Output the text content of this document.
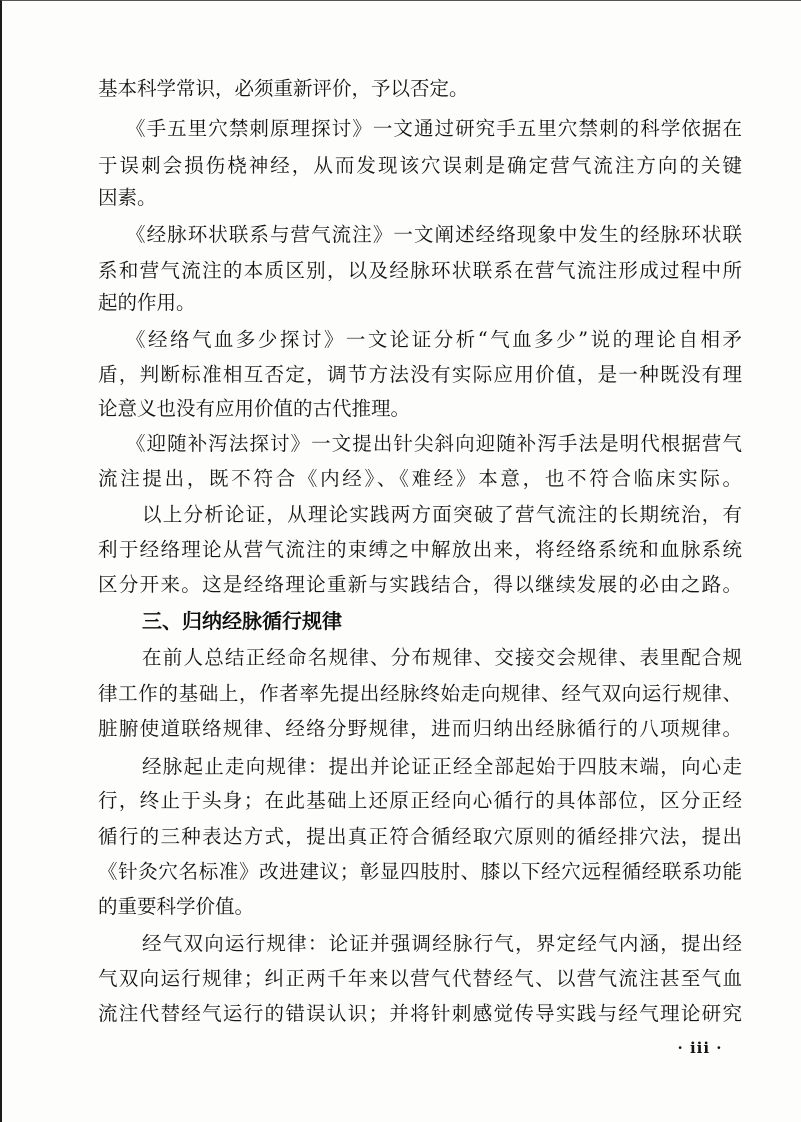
基本科学常识，必须重新评价，予以否定。
《手五里穴禁刺原理探讨》一文通过研究手五里穴禁刺的科学依据在
于误刺会损伤桡神经，从而发现该穴误刺是确定营气流注方向的关键
因素。
《经脉环状联系与营气流注》一文阐述经络现象中发生的经脉环状联
系和营气流注的本质区别，以及经脉环状联系在营气流注形成过程中所
起的作用。
《经络气血多少探讨》一文论证分析“气血多少”说的理论自相矛
盾，判断标准相互否定，调节方法没有实际应用价值，是一种既没有理
论意义也没有应用价值的古代推理。
《迎随补泻法探讨》一文提出针尖斜向迎随补泻手法是明代根据营气
流注提出，既不符合《内经》、《难经》本意，也不符合临床实际。
以上分析论证，从理论实践两方面突破了营气流注的长期统治，有
利于经络理论从营气流注的束缚之中解放出来，将经络系统和血脉系统
区分开来。这是经络理论重新与实践结合，得以继续发展的必由之路。
三、归纳经脉循行规律
在前人总结正经命名规律、分布规律、交接交会规律、表里配合规
律工作的基础上，作者率先提出经脉终始走向规律、经气双向运行规律、
脏腑使道联络规律、经络分野规律，进而归纳出经脉循行的八项规律。
经脉起止走向规律：提出并论证正经全部起始于四肢末端，向心走
行，终止于头身；在此基础上还原正经向心循行的具体部位，区分正经
循行的三种表达方式，提出真正符合循经取穴原则的循经排穴法，提出
《针灸穴名标准》改进建议；彰显四肢肘、膝以下经穴远程循经联系功能
的重要科学价值。
经气双向运行规律：论证并强调经脉行气，界定经气内涵，提出经
气双向运行规律；纠正两千年来以营气代替经气、以营气流注甚至气血
流注代替经气运行的错误认识；并将针刺感觉传导实践与经气理论研究
· iii ·
